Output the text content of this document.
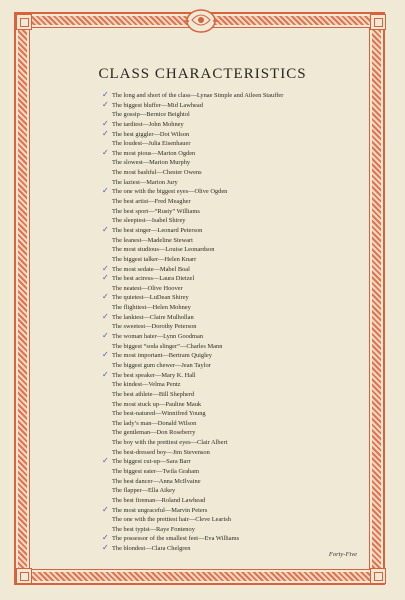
CLASS CHARACTERISTICS
✓ The long and short of the class—Lynae Simple and Aileen Stauffer
✓ The biggest bluffer—Mid Lawhead
The gossip—Bernice Beightol
✓ The tardiest—John Mohney
✓ The best giggler—Dot Wilson
The loudest—Julia Eisenhauer
✓ The most pious—Marion Ogden
The slowest—Marion Murphy
The most bashful—Chester Owens
The laziest—Marion Jury
✓ The one with the biggest eyes—Olive Ogden
The best artist—Fred Meagher
The best sport—“Rusty” Williams
The sleepiest—Isabel Shirey
✓ The best singer—Leonard Peterson
The leanest—Madeline Stewart
The most studious—Louise Leonardson
The biggest talker—Helen Knarr
✓ The most sedate—Mabel Boal
✓ The best actress—Laura Dietzel
The neatest—Olive Hoover
✓ The quietest—LuDean Shirey
The flightiest—Helen Mohney
✓ The lankiest—Claire Mulhollan
The sweetest—Dorothy Peterson
✓ The woman hater—Lynn Goodman
The biggest “soda slinger”—Charles Mann
✓ The most important—Bertram Quigley
The biggest gum chewer—Jean Taylor
✓ The best speaker—Mary K. Hall
The kindest—Velma Pentz
The best athlete—Bill Shepherd
The most stuck up—Pauline Mauk
The best-natured—Winnifred Young
The lady’s man—Donald Wilson
The gentleman—Don Roseberry
The boy with the prettiest eyes—Clair Albert
The best-dressed boy—Jim Stevenson
✓ The biggest cut-up—Sara Barr
The biggest eater—Twila Graham
The best dancer—Anna McIlvaine
The flapper—Ella Aikey
The best fireman—Roland Lawhead
✓ The most ungraceful—Marvin Peters
The one with the prettiest hair—Cleve Learish
The best typist—Raye Fontenoy
✓ The possessor of the smallest feet—Eva Williams
✓ The blondest—Clara Chelgren
Forty-Five
